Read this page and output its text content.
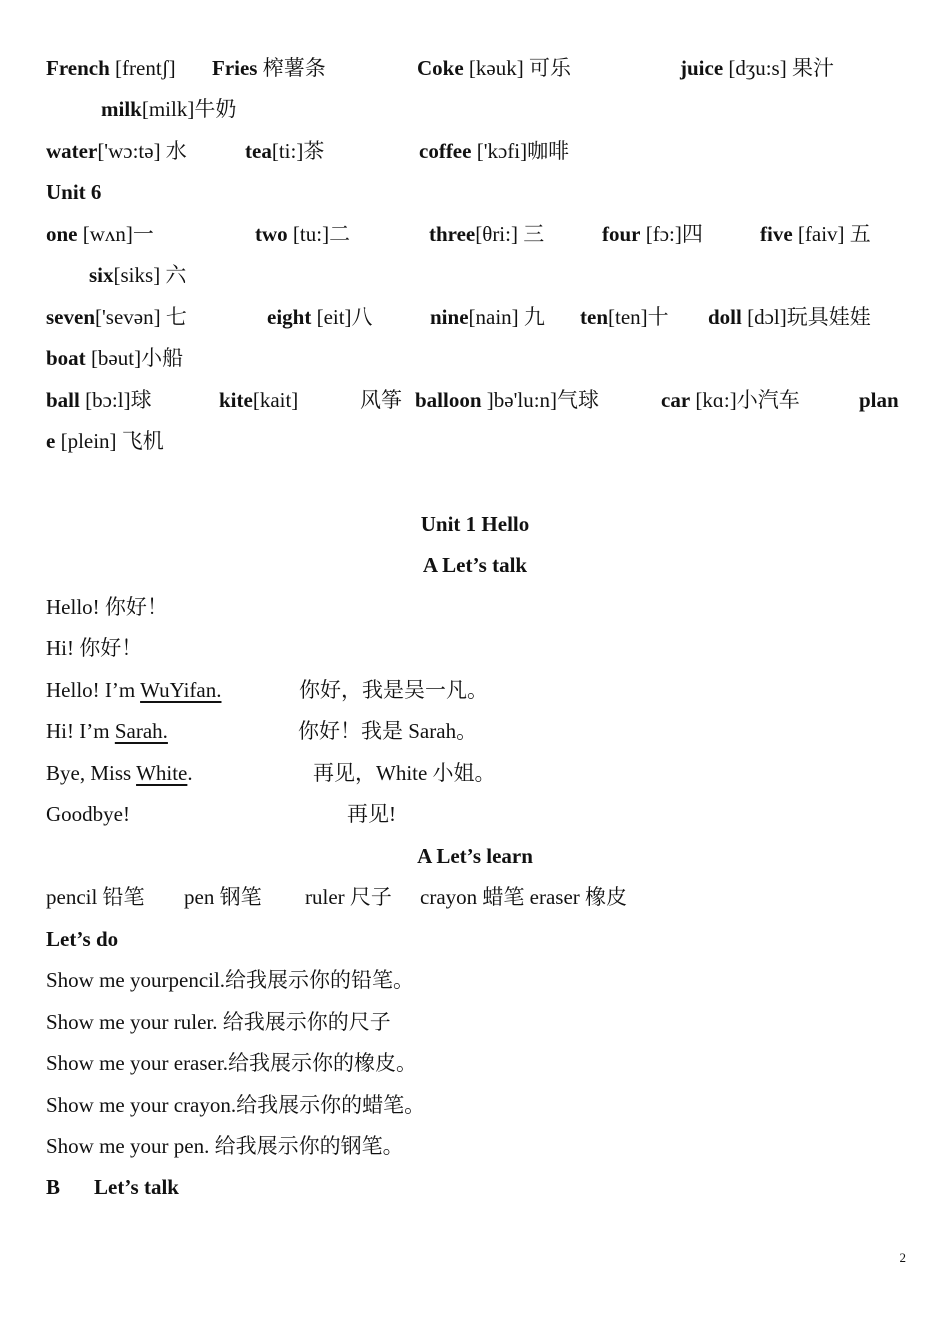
French [frentʃ] Fries 榨薯条	Coke [kəuk] 可乐	juice [dʒu:s] 果汁
milk[milk]牛奶
water['wɔ:tə] 水	tea[ti:]茶	coffee ['kɔfi]咖啡
Unit 6
one [wʌn]一	two [tu:]二	three[θri:] 三	four [fɔ:]四	five [faiv] 五
six[siks] 六
seven['sevən] 七	eight [eit]八	nine[nain] 九 ten[ten]十 doll [dɔl]玩具娃娃
boat [bəut]小船
ball [bɔ:l]球	kite[kait]	风筝 balloon ]bə'lu:n]气球	car [kɑ:]小汽车	plan
e [plein] 飞机
Unit 1 Hello
A Let’s talk
Hello! 你好！
Hi! 你好！
Hello! I’m WuYifan.	你好，我是吴一凡。
Hi! I’m Sarah.	你好！我是 Sarah。
Bye, Miss White.	再见，White 小姐。
Goodbye!	再见!
A Let’s learn
pencil 铅笔 pen 钢笔 ruler 尺子 crayon 蜡笔 eraser 橡皮
Let’s do
Show me yourpencil.给我展示你的铅笔。
Show me your ruler. 给我展示你的尺子
Show me your eraser.给我展示你的橡皮。
Show me your crayon.给我展示你的蜡笔。
Show me your pen. 给我展示你的钢笔。
B Let’s talk
2
